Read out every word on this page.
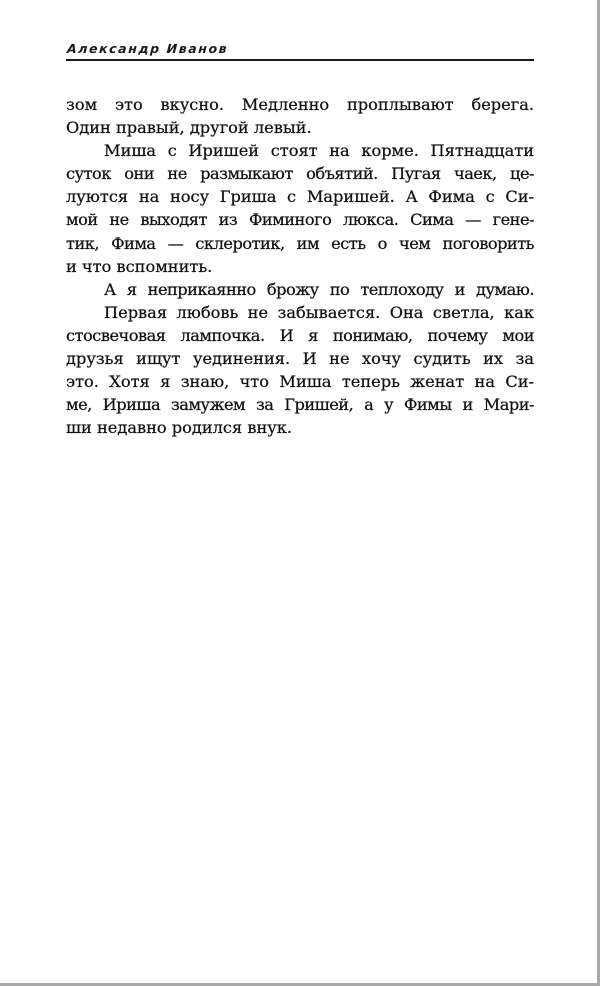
Александр Иванов
зом это вкусно. Медленно проплывают берега.
Один правый, другой левый.
Миша с Иришей стоят на корме. Пятнадцати
суток они не размыкают объятий. Пугая чаек, це-
луются на носу Гриша с Маришей. А Фима с Си-
мой не выходят из Фиминого люкса. Сима — гене-
тик, Фима — склеротик, им есть о чем поговорить
и что вспомнить.
А я неприкаянно брожу по теплоходу и думаю.
Первая любовь не забывается. Она светла, как
стосвечовая лампочка. И я понимаю, почему мои
друзья ищут уединения. И не хочу судить их за
это. Хотя я знаю, что Миша теперь женат на Си-
ме, Ириша замужем за Гришей, а у Фимы и Мари-
ши недавно родился внук.
